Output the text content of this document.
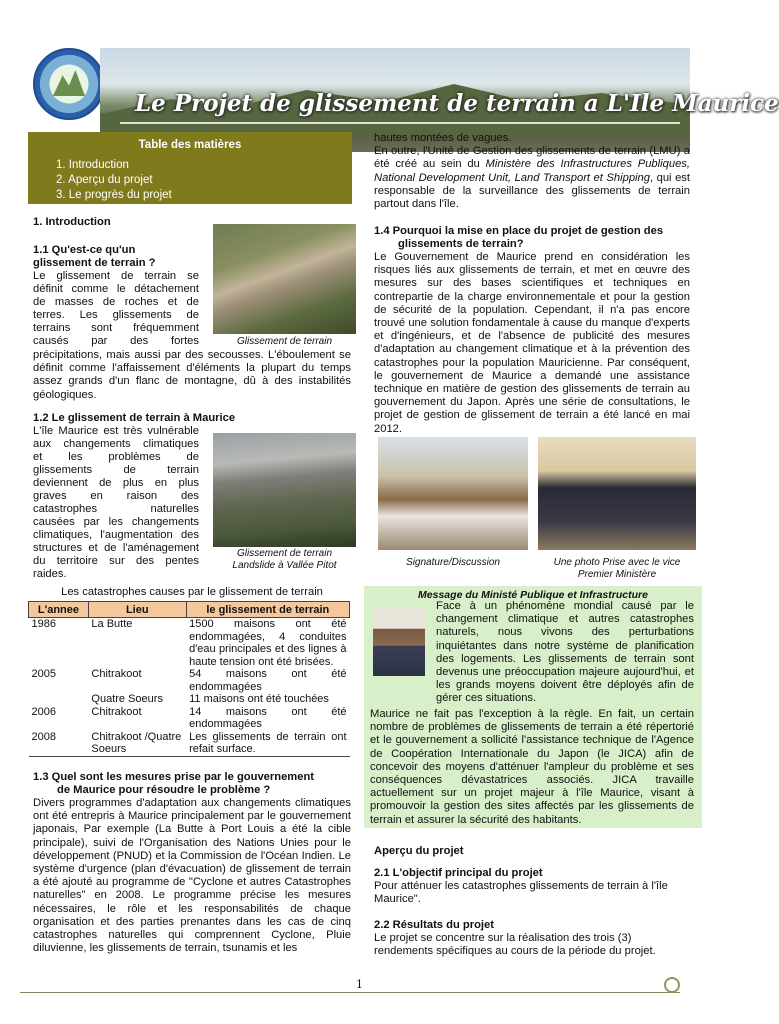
Le Projet de glissement de terrain a L'Ile Maurice
Table des matières
1. Introduction
2. Aperçu du projet
3. Le progrès du projet

1. Introduction

1.1 Qu'est-ce qu'un

glissement de terrain ?

Le glissement de terrain se

définit comme le détachement

de masses de roches et de

terres. Les glissements de

terrains sont fréquemment

causés par des fortes	Glissement de terrain

précipitations, mais aussi par des secousses. L'éboulement se définit comme l'affaissement d'éléments la plupart du temps assez grands d'un flanc de montagne, dû à des instabilités géologiques.

1.2 Le glissement de terrain à Maurice

L'île Maurice est très vulnérable

aux changements climatiques

et les problèmes de

glissements de terrain

deviennent de plus en plus

graves en raison des

catastrophes naturelles

causées par les changements

climatiques, l'augmentation des

structures et de l'aménagement

du territoire sur des pentes

raides.

Glissement de terrain
Landslide à Vallée Pitot

Les catastrophes causes par le glissement de terrain

L'annee	Lieu	le glissement de terrain
1986	La Butte	1500 maisons ont été endommagées, 4 conduites d'eau principales et des lignes à haute tension ont été brisées.
2005	Chitrakoot	54 maisons ont été endommagées
	Quatre Soeurs	11 maisons ont été touchées
2006	Chitrakoot	14 maisons ont été endommagées
2008	Chitrakoot /Quatre Soeurs	Les glissements de terrain ont refait surface.

1.3 Quel sont les mesures prise par le gouvernement

de Maurice pour résoudre le problème ?

Divers programmes d'adaptation aux changements climatiques ont été entrepris à Maurice principalement par le gouvernement japonais, Par exemple (La Butte à Port Louis a été la cible principale), suivi de l'Organisation des Nations Unies pour le développement (PNUD) et la Commission de l'Océan Indien. Le système d'urgence (plan d'évacuation) de glissement de terrain a été ajouté au programme de "Cyclone et autres Catastrophes naturelles" en 2008. Le programme précise les mesures nécessaires, le rôle et les responsabilités de chaque organisation et des parties prenantes dans les cas de cinq catastrophes naturelles qui comprennent Cyclone, Pluie diluvienne, les glissements de terrain, tsunamis et les

hautes montées de vagues.
En outre, l'Unité de Gestion des glissements de terrain (LMU) a été créé au sein du Ministère des Infrastructures Publiques, National Development Unit, Land Transport et Shipping, qui est responsable de la surveillance des glissements de terrain partout dans l'île.

1.4 Pourquoi la mise en place du projet de gestion des

glissements de terrain?

Le Gouvernement de Maurice prend en considération les risques liés aux glissements de terrain, et met en œuvre des mesures sur des bases scientifiques et techniques en contrepartie de la charge environnementale et pour la gestion de sécurité de la population. Cependant, il n'a pas encore trouvé une solution fondamentale à cause du manque d'experts et d'ingénieurs, et de l'absence de publicité des mesures d'adaptation au changement climatique et à la prévention des catastrophes pour la population Mauricienne. Par conséquent, le gouvernement de Maurice a demandé une assistance technique en matière de gestion des glissements de terrain au gouvernement du Japon. Après une série de consultations, le projet de gestion de glissement de terrain a été lancé en mai 2012.

Signature/Discussion	Une photo Prise avec le vice
Premier Ministère

Message du Ministé Publique et Infrastructure

Face à un phénomène mondial causé par le changement climatique et autres catastrophes naturels, nous vivons des perturbations inquiétantes dans notre système de planification des logements. Les glissements de terrain sont devenus une préoccupation majeure aujourd'hui, et les grands moyens doivent être déployés afin de gérer ces situations.

Maurice ne fait pas l'exception à la règle. En fait, un certain nombre de problèmes de glissements de terrain a été répertorié et le gouvernement a sollicité l'assistance technique de l'Agence de Coopération Internationale du Japon (le JICA) afin de concevoir des moyens d'atténuer l'ampleur du problème et ses conséquences dévastatrices associés. JICA travaille actuellement sur un projet majeur à l'île Maurice, visant à promouvoir la gestion des sites affectés par les glissements de terrain et assurer la sécurité des habitants.

Aperçu du projet

2.1 L'objectif principal du projet

Pour atténuer les catastrophes glissements de terrain à l'île Maurice".

2.2 Résultats du projet

Le projet se concentre sur la réalisation des trois (3) rendements spécifiques au cours de la période du projet.

1
